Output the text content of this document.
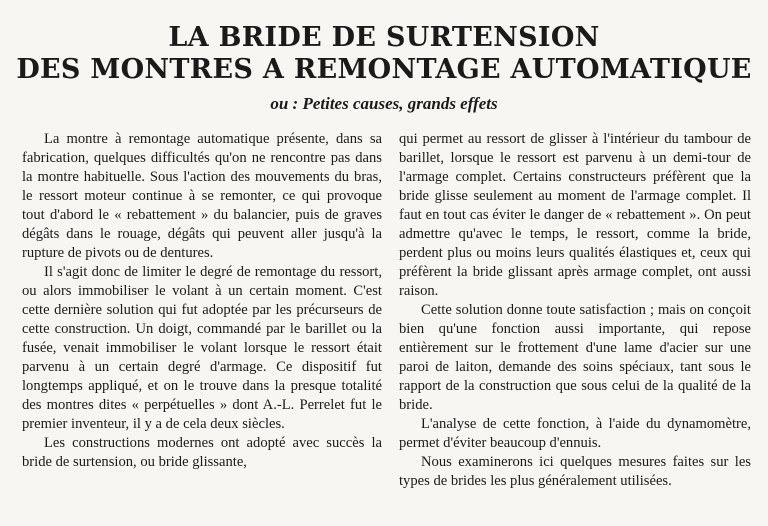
LA BRIDE DE SURTENSION
DES MONTRES A REMONTAGE AUTOMATIQUE
ou : Petites causes, grands effets

La montre à remontage automatique présente, dans sa fabrication, quelques difficultés qu'on ne rencontre pas dans la montre habituelle. Sous l'action des mouvements du bras, le ressort moteur continue à se remonter, ce qui provoque tout d'abord le « rebattement » du balancier, puis de graves dégâts dans le rouage, dégâts qui peuvent aller jusqu'à la rupture de pivots ou de dentures.

Il s'agit donc de limiter le degré de remontage du ressort, ou alors immobiliser le volant à un certain moment. C'est cette dernière solution qui fut adoptée par les précurseurs de cette construction. Un doigt, commandé par le barillet ou la fusée, venait immobiliser le volant lorsque le ressort était parvenu à un certain degré d'armage. Ce dispositif fut longtemps appliqué, et on le trouve dans la presque totalité des montres dites « perpétuelles » dont A.-L. Perrelet fut le premier inventeur, il y a de cela deux siècles.

Les constructions modernes ont adopté avec succès la bride de surtension, ou bride glissante,

qui permet au ressort de glisser à l'intérieur du tambour de barillet, lorsque le ressort est parvenu à un demi-tour de l'armage complet. Certains constructeurs préfèrent que la bride glisse seulement au moment de l'armage complet. Il faut en tout cas éviter le danger de « rebattement ». On peut admettre qu'avec le temps, le ressort, comme la bride, perdent plus ou moins leurs qualités élastiques et, ceux qui préfèrent la bride glissant après armage complet, ont aussi raison.

Cette solution donne toute satisfaction ; mais on conçoit bien qu'une fonction aussi importante, qui repose entièrement sur le frottement d'une lame d'acier sur une paroi de laiton, demande des soins spéciaux, tant sous le rapport de la construction que sous celui de la qualité de la bride.

L'analyse de cette fonction, à l'aide du dynamomètre, permet d'éviter beaucoup d'ennuis.

Nous examinerons ici quelques mesures faites sur les types de brides les plus généralement utilisées.
